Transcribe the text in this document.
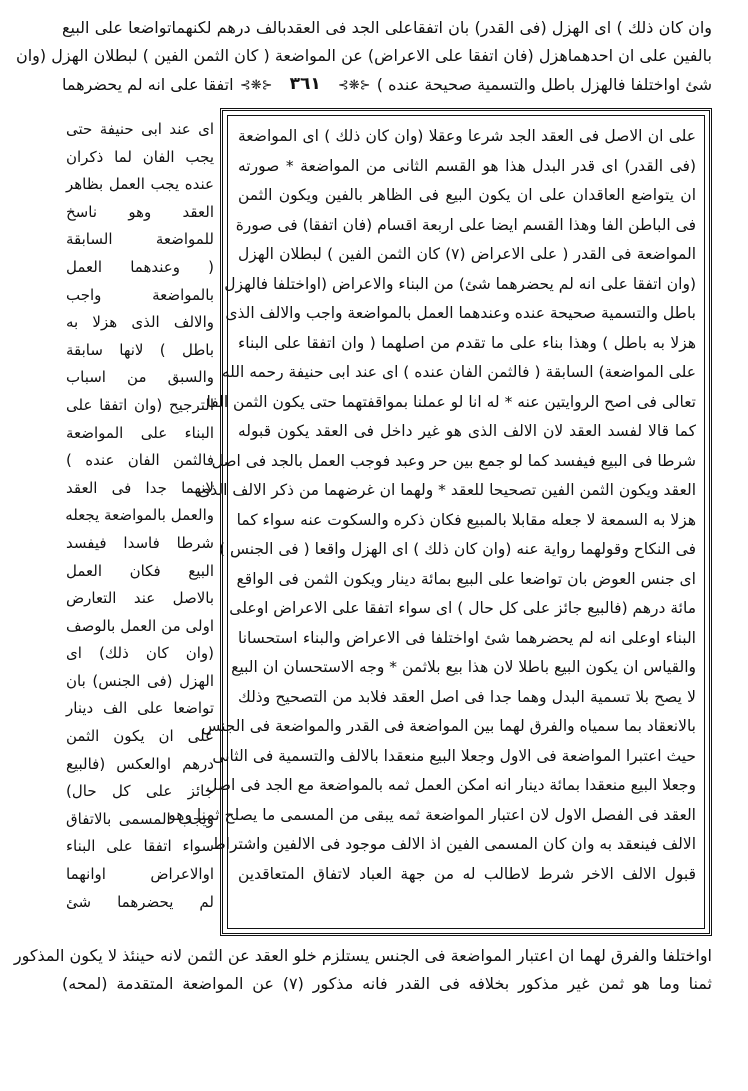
وان كان ذلك ) اى الهزل (فى القدر) بان اتفقاعلى الجد فى العقدبالف درهم لكنهماتواضعا على البيع
بالفين على ان احدهماهزل (فان اتفقا على الاعراض) عن المواضعة ( كان الثمن الفين ) لبطلان الهزل (وان
شئ اواختلفا فالهزل باطل والتسمية صحيحة عنده )
⊰❋⊱ ٣٦١ ⊰❋⊱
اتفقا على انه لم يحضرهما
على ان الاصل فى العقد الجد شرعا وعقلا (وان كان ذلك ) اى المواضعة
(فى القدر) اى قدر البدل هذا هو القسم الثانى من المواضعة * صورته
ان يتواضع العاقدان على ان يكون البيع فى الظاهر بالفين ويكون الثمن
فى الباطن الفا وهذا القسم ايضا على اربعة اقسام (فان اتفقا) فى صورة
المواضعة فى القدر ( على الاعراض (٧) كان الثمن الفين ) لبطلان الهزل
(وان اتفقا على انه لم يحضرهما شئ) من البناء والاعراض (اواختلفا فالهزل
باطل والتسمية صحيحة عنده وعندهما العمل بالمواضعة واجب والالف الذى
هزلا به باطل ) وهذا بناء على ما تقدم من اصلهما ( وان اتفقا على البناء
على المواضعة) السابقة ( فالثمن الفان عنده ) اى عند ابى حنيفة رحمه الله
تعالى فى اصح الروايتين عنه * له انا لو عملنا بمواقفتهما حتى يكون الثمن الفا
كما قالا لفسد العقد لان الالف الذى هو غير داخل فى العقد يكون قبوله
شرطا فى البيع فيفسد كما لو جمع بين حر وعبد فوجب العمل بالجد فى اصل
العقد ويكون الثمن الفين تصحيحا للعقد * ولهما ان غرضهما من ذكر الالف الذى
هزلا به السمعة لا جعله مقابلا بالمبيع فكان ذكره والسكوت عنه سواء كما
فى النكاح وقولهما رواية عنه (وان كان ذلك ) اى الهزل واقعا ( فى الجنس )
اى جنس العوض بان تواضعا على البيع بمائة دينار ويكون الثمن فى الواقع
مائة درهم (فالبيع جائز على كل حال ) اى سواء اتفقا على الاعراض اوعلى
البناء اوعلى انه لم يحضرهما شئ اواختلفا فى الاعراض والبناء استحسانا
والقياس ان يكون البيع باطلا لان هذا بيع بلاثمن * وجه الاستحسان ان البيع
لا يصح بلا تسمية البدل وهما جدا فى اصل العقد فلابد من التصحيح وذلك
بالانعقاد بما سمياه والفرق لهما بين المواضعة فى القدر والمواضعة فى الجنس
حيث اعتبرا المواضعة فى الاول وجعلا البيع منعقدا بالالف والتسمية فى الثانى
وجعلا البيع منعقدا بمائة دينار انه امكن العمل ثمه بالمواضعة مع الجد فى اصل
العقد فى الفصل الاول لان اعتبار المواضعة ثمه يبقى من المسمى ما يصلح ثمنا وهو
الالف فينعقد به وان كان المسمى الفين اذ الالف موجود فى الالفين واشتراط
قبول الالف الاخر شرط لاطالب له من جهة العباد لاتفاق المتعاقدين
اى عند ابى حنيفة حتى
يجب الفان لما ذكران
عنده يجب العمل بظاهر
العقد وهو ناسخ
للمواضعة السابقة
( وعندهما العمل
بالمواضعة واجب
والالف الذى هزلا به
باطل ) لانها سابقة
والسبق من اسباب
الترجيح (وان اتفقا على
البناء على المواضعة
فالثمن الفان عنده )
لانهما جدا فى العقد
والعمل بالمواضعة يجعله
شرطا فاسدا فيفسد
البيع فكان العمل
بالاصل عند التعارض
اولى من العمل بالوصف
(وان كان ذلك) اى
الهزل (فى الجنس) بان
تواضعا على الف دينار
على ان يكون الثمن
درهم اوالعكس (فالبيع
جائز على كل حال)
ويجب المسمى بالاتفاق
سواء اتفقا على البناء
اوالاعراض اوانهما
لم يحضرهما شئ
اواختلفا والفرق لهما ان اعتبار المواضعة فى الجنس يستلزم خلو العقد عن الثمن لانه حينئذ لا يكون المذكور
ثمنا وما هو ثمن غير مذكور بخلافه فى القدر فانه مذكور (٧) عن المواضعة المتقدمة (لمحه)
